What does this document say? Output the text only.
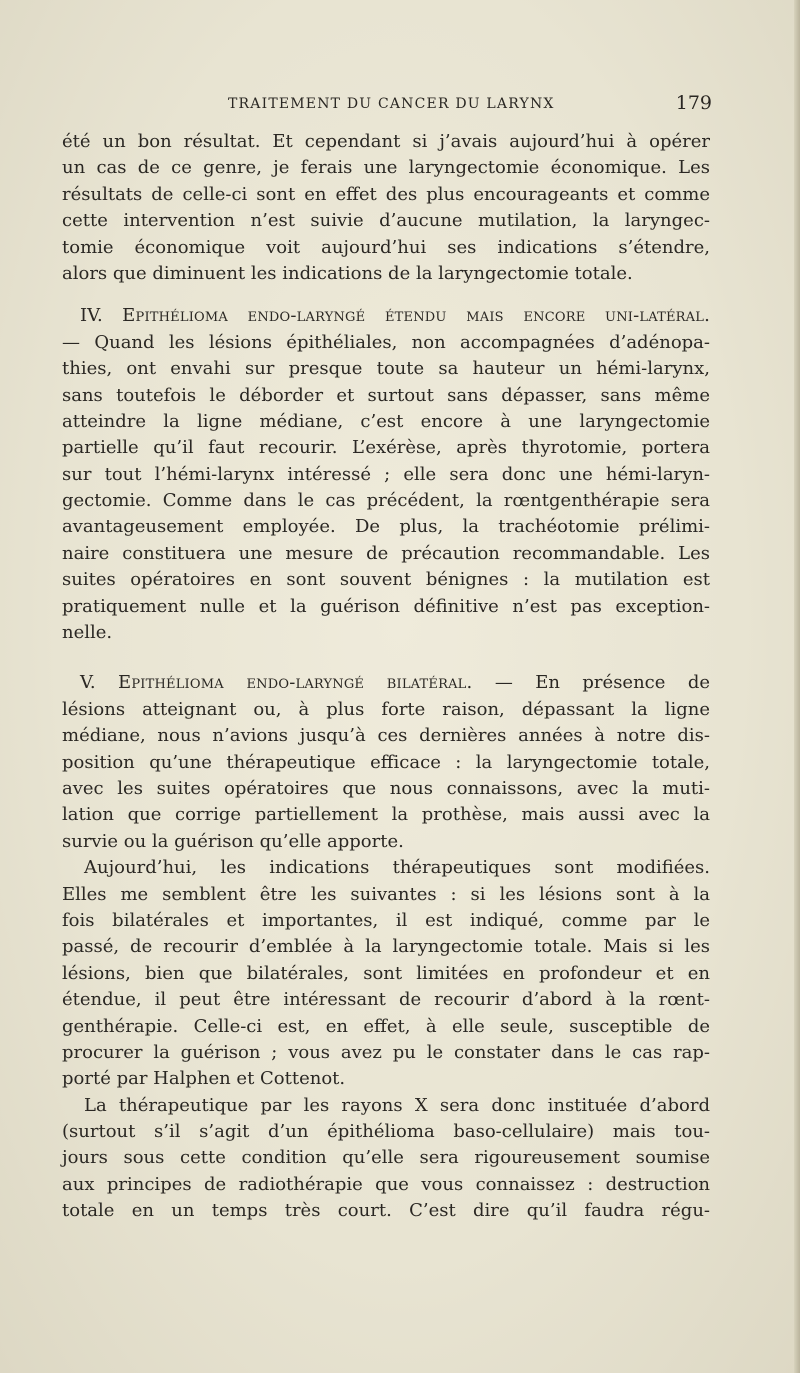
TRAITEMENT DU CANCER DU LARYNX	179
été un bon résultat. Et cependant si j’avais aujourd’hui à opérer
un cas de ce genre, je ferais une laryngectomie économique. Les
résultats de celle-ci sont en effet des plus encourageants et comme
cette intervention n’est suivie d’aucune mutilation, la laryngec-
tomie économique voit aujourd’hui ses indications s’étendre,
alors que diminuent les indications de la laryngectomie totale.
IV. Epithélioma endo-laryngé étendu mais encore uni-latéral.
— Quand les lésions épithéliales, non accompagnées d’adénopa-
thies, ont envahi sur presque toute sa hauteur un hémi-larynx,
sans toutefois le déborder et surtout sans dépasser, sans même
atteindre la ligne médiane, c’est encore à une laryngectomie
partielle qu’il faut recourir. L’exérèse, après thyrotomie, portera
sur tout l’hémi-larynx intéressé ; elle sera donc une hémi-laryn-
gectomie. Comme dans le cas précédent, la rœntgenthérapie sera
avantageusement employée. De plus, la trachéotomie prélimi-
naire constituera une mesure de précaution recommandable. Les
suites opératoires en sont souvent bénignes : la mutilation est
pratiquement nulle et la guérison définitive n’est pas exception-
nelle.
V. Epithélioma endo-laryngé bilatéral. — En présence de
lésions atteignant ou, à plus forte raison, dépassant la ligne
médiane, nous n’avions jusqu’à ces dernières années à notre dis-
position qu’une thérapeutique efficace : la laryngectomie totale,
avec les suites opératoires que nous connaissons, avec la muti-
lation que corrige partiellement la prothèse, mais aussi avec la
survie ou la guérison qu’elle apporte.
Aujourd’hui, les indications thérapeutiques sont modifiées.
Elles me semblent être les suivantes : si les lésions sont à la
fois bilatérales et importantes, il est indiqué, comme par le
passé, de recourir d’emblée à la laryngectomie totale. Mais si les
lésions, bien que bilatérales, sont limitées en profondeur et en
étendue, il peut être intéressant de recourir d’abord à la rœnt-
genthérapie. Celle-ci est, en effet, à elle seule, susceptible de
procurer la guérison ; vous avez pu le constater dans le cas rap-
porté par Halphen et Cottenot.
La thérapeutique par les rayons X sera donc instituée d’abord
(surtout s’il s’agit d’un épithélioma baso-cellulaire) mais tou-
jours sous cette condition qu’elle sera rigoureusement soumise
aux principes de radiothérapie que vous connaissez : destruction
totale en un temps très court. C’est dire qu’il faudra régu-
